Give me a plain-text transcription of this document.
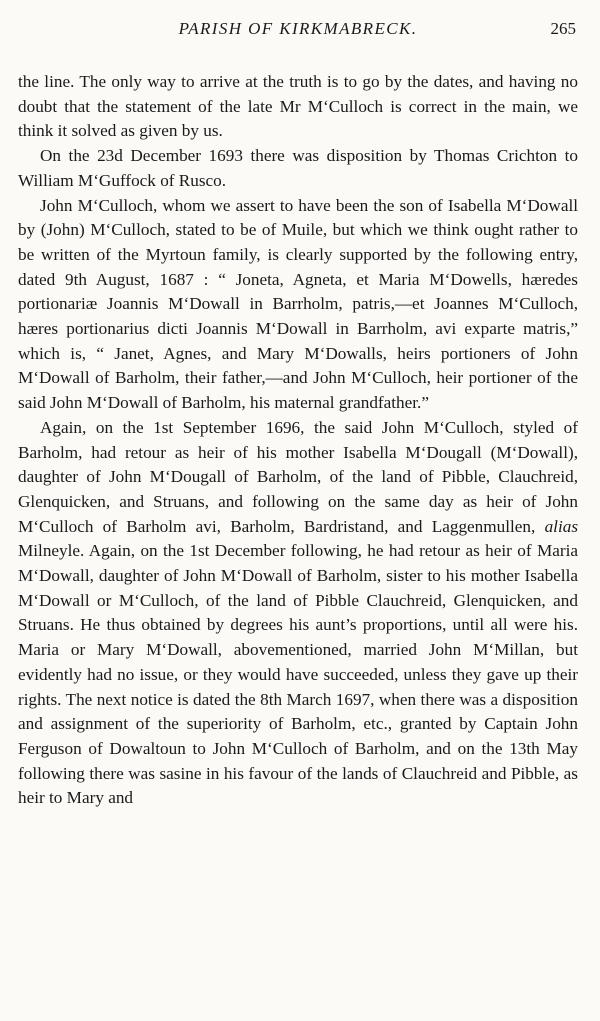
PARISH OF KIRKMABRECK.	265

the line. The only way to arrive at the truth is to go by the dates, and having no doubt that the statement of the late Mr M‘Culloch is correct in the main, we think it solved as given by us.

On the 23d December 1693 there was disposition by Thomas Crichton to William M‘Guffock of Rusco.

John M‘Culloch, whom we assert to have been the son of Isabella M‘Dowall by (John) M‘Culloch, stated to be of Muile, but which we think ought rather to be written of the Myrtoun family, is clearly supported by the following entry, dated 9th August, 1687 : “ Joneta, Agneta, et Maria M‘Dowells, hæredes portionariæ Joannis M‘Dowall in Barrholm, patris,—et Joannes M‘Culloch, hæres portionarius dicti Joannis M‘Dowall in Barrholm, avi exparte matris,” which is, “ Janet, Agnes, and Mary M‘Dowalls, heirs portioners of John M‘Dowall of Barholm, their father,—and John M‘Culloch, heir portioner of the said John M‘Dowall of Barholm, his maternal grandfather.”

Again, on the 1st September 1696, the said John M‘Culloch, styled of Barholm, had retour as heir of his mother Isabella M‘Dougall (M‘Dowall), daughter of John M‘Dougall of Barholm, of the land of Pibble, Clauchreid, Glenquicken, and Struans, and following on the same day as heir of John M‘Culloch of Barholm avi, Barholm, Bardristand, and Laggenmullen, alias Milneyle. Again, on the 1st December following, he had retour as heir of Maria M‘Dowall, daughter of John M‘Dowall of Barholm, sister to his mother Isabella M‘Dowall or M‘Culloch, of the land of Pibble Clauchreid, Glenquicken, and Struans. He thus obtained by degrees his aunt’s proportions, until all were his. Maria or Mary M‘Dowall, abovementioned, married John M‘Millan, but evidently had no issue, or they would have succeeded, unless they gave up their rights. The next notice is dated the 8th March 1697, when there was a disposition and assignment of the superiority of Barholm, etc., granted by Captain John Ferguson of Dowaltoun to John M‘Culloch of Barholm, and on the 13th May following there was sasine in his favour of the lands of Clauchreid and Pibble, as heir to Mary and
